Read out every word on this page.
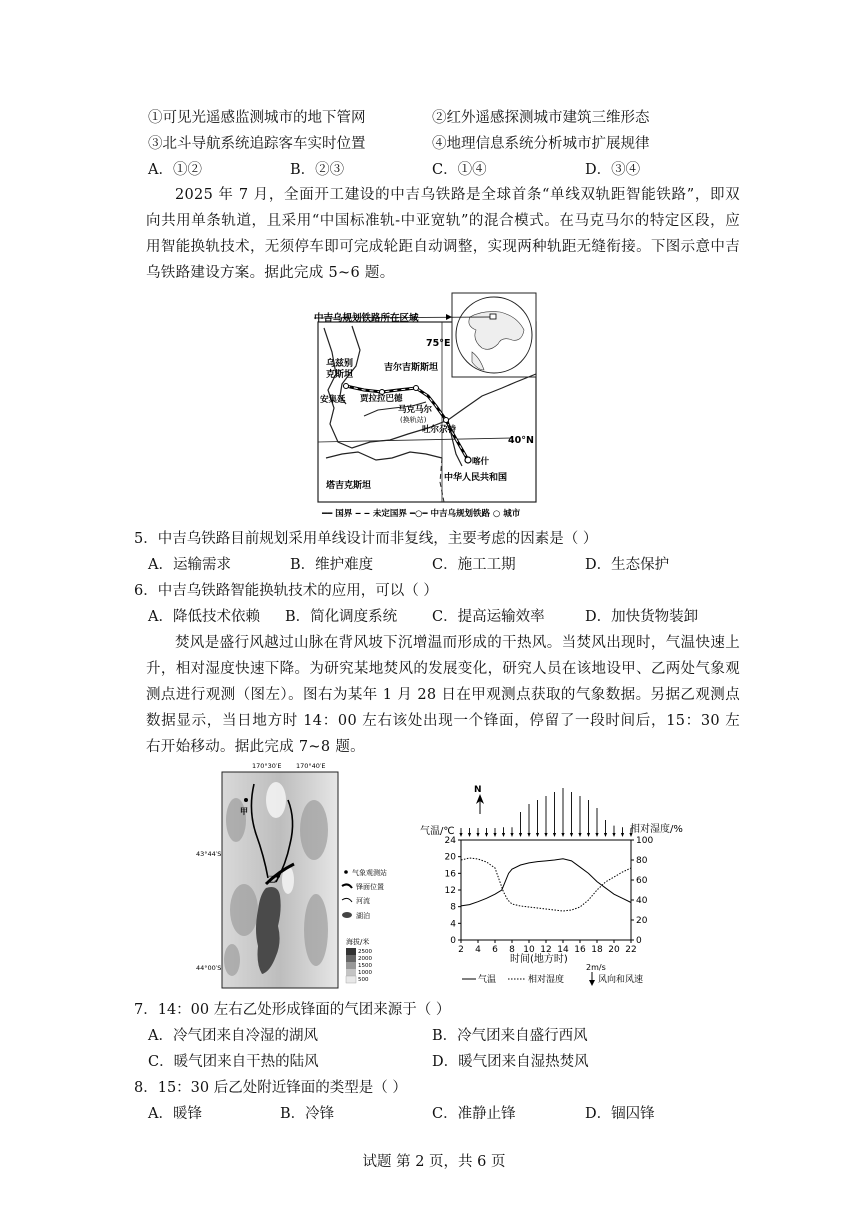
①可见光遥感监测城市的地下管网	②红外遥感探测城市建筑三维形态
③北斗导航系统追踪客车实时位置	④地理信息系统分析城市扩展规律
A．①②	B．②③	C．①④	D．③④
2025 年 7 月，全面开工建设的中吉乌铁路是全球首条“单线双轨距智能铁路”，即双向共用单条轨道，且采用“中国标准轨-中亚宽轨”的混合模式。在马克马尔的特定区段，应用智能换轨技术，无须停车即可完成轮距自动调整，实现两种轨距无缝衔接。下图示意中吉乌铁路建设方案。据此完成 5~6 题。
中吉乌规划铁路所在区域
75°E
40°N
乌兹别
克斯坦
吉尔吉斯斯坦
贾拉拉巴德
安集延
马克马尔
(换轨站)
吐尔尕特
喀什
塔吉克斯坦
中华人民共和国
━━ 国界 ‒ ‒ 未定国界 ━○━ 中吉乌规划铁路 ○ 城市
5．中吉乌铁路目前规划采用单线设计而非复线，主要考虑的因素是（ ）
A．运输需求	B．维护难度	C．施工工期	D．生态保护
6．中吉乌铁路智能换轨技术的应用，可以（ ）
A．降低技术依赖 B．简化调度系统 C．提高运输效率	D．加快货物装卸
焚风是盛行风越过山脉在背风坡下沉增温而形成的干热风。当焚风出现时，气温快速上升，相对湿度快速下降。为研究某地焚风的发展变化，研究人员在该地设甲、乙两处气象观测点进行观测（图左）。图右为某年 1 月 28 日在甲观测点获取的气象数据。另据乙观测点数据显示，当日地方时 14：00 左右该处出现一个锋面，停留了一段时间后，15：30 左右开始移动。据此完成 7~8 题。
170°30′E 170°40′E
甲
乙
43°44′S
44°00′S
气象观测站
锋面位置
河流
湖泊
海拔/米
2500
2000
1500
1000
500
N
气温/℃	相对湿度/%
2 4 6 8 10 12 14 16 18 20 22
0
4
8
12
16
20
24
0
20
40
60
80
100
时间(地方时)
2m/s
气温	相对湿度	风向和风速
7．14：00 左右乙处形成锋面的气团来源于（ ）
A．冷气团来自冷湿的湖风	B．冷气团来自盛行西风
C．暖气团来自干热的陆风	D．暖气团来自湿热焚风
8．15：30 后乙处附近锋面的类型是（ ）
A．暖锋	B．冷锋	C．准静止锋	D．锢囚锋
试题 第 2 页，共 6 页
